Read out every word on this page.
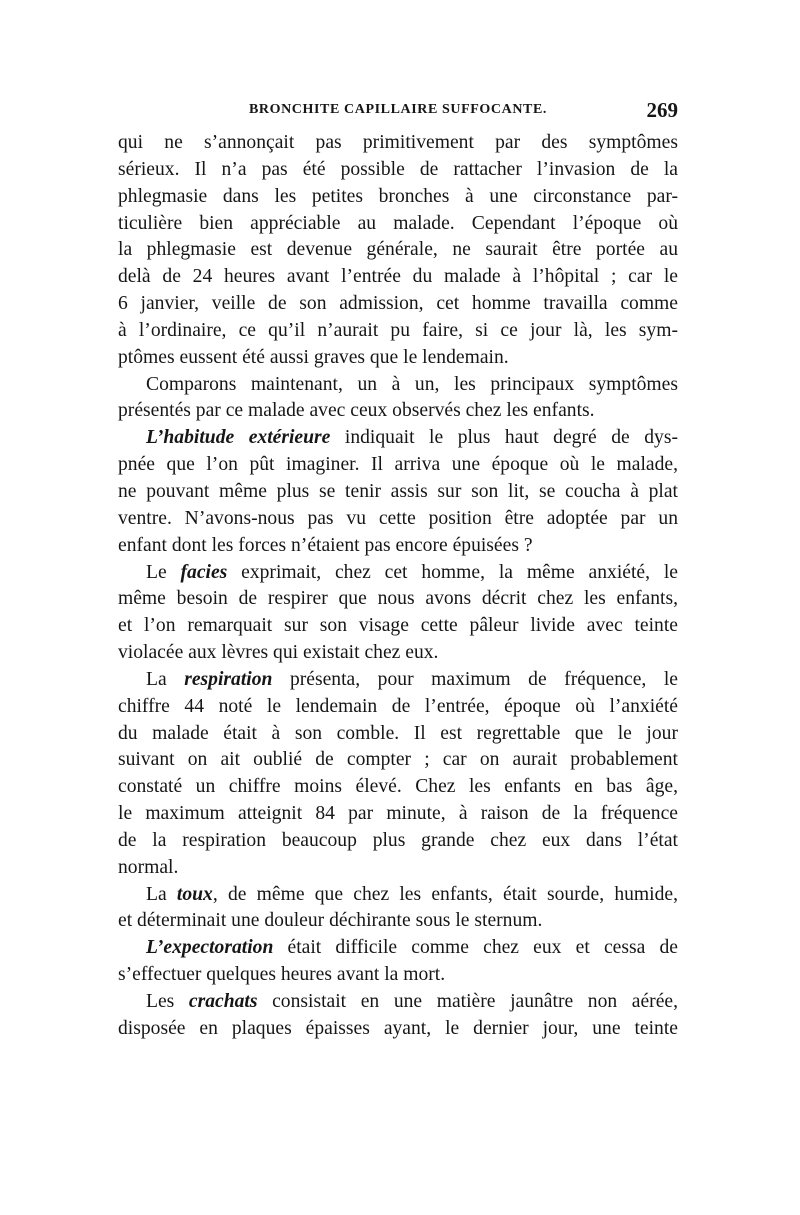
BRONCHITE CAPILLAIRE SUFFOCANTE.	269
qui ne s’annonçait pas primitivement par des symptômes
sérieux. Il n’a pas été possible de rattacher l’invasion de la
phlegmasie dans les petites bronches à une circonstance par-
ticulière bien appréciable au malade. Cependant l’époque où
la phlegmasie est devenue générale, ne saurait être portée au
delà de 24 heures avant l’entrée du malade à l’hôpital ; car le
6 janvier, veille de son admission, cet homme travailla comme
à l’ordinaire, ce qu’il n’aurait pu faire, si ce jour là, les sym-
ptômes eussent été aussi graves que le lendemain.
Comparons maintenant, un à un, les principaux symptômes
présentés par ce malade avec ceux observés chez les enfants.
L’habitude extérieure indiquait le plus haut degré de dys-
pnée que l’on pût imaginer. Il arriva une époque où le malade,
ne pouvant même plus se tenir assis sur son lit, se coucha à plat
ventre. N’avons-nous pas vu cette position être adoptée par un
enfant dont les forces n’étaient pas encore épuisées ?
Le facies exprimait, chez cet homme, la même anxiété, le
même besoin de respirer que nous avons décrit chez les enfants,
et l’on remarquait sur son visage cette pâleur livide avec teinte
violacée aux lèvres qui existait chez eux.
La respiration présenta, pour maximum de fréquence, le
chiffre 44 noté le lendemain de l’entrée, époque où l’anxiété
du malade était à son comble. Il est regrettable que le jour
suivant on ait oublié de compter ; car on aurait probablement
constaté un chiffre moins élevé. Chez les enfants en bas âge,
le maximum atteignit 84 par minute, à raison de la fréquence
de la respiration beaucoup plus grande chez eux dans l’état
normal.
La toux, de même que chez les enfants, était sourde, humide,
et déterminait une douleur déchirante sous le sternum.
L’expectoration était difficile comme chez eux et cessa de
s’effectuer quelques heures avant la mort.
Les crachats consistait en une matière jaunâtre non aérée,
disposée en plaques épaisses ayant, le dernier jour, une teinte
